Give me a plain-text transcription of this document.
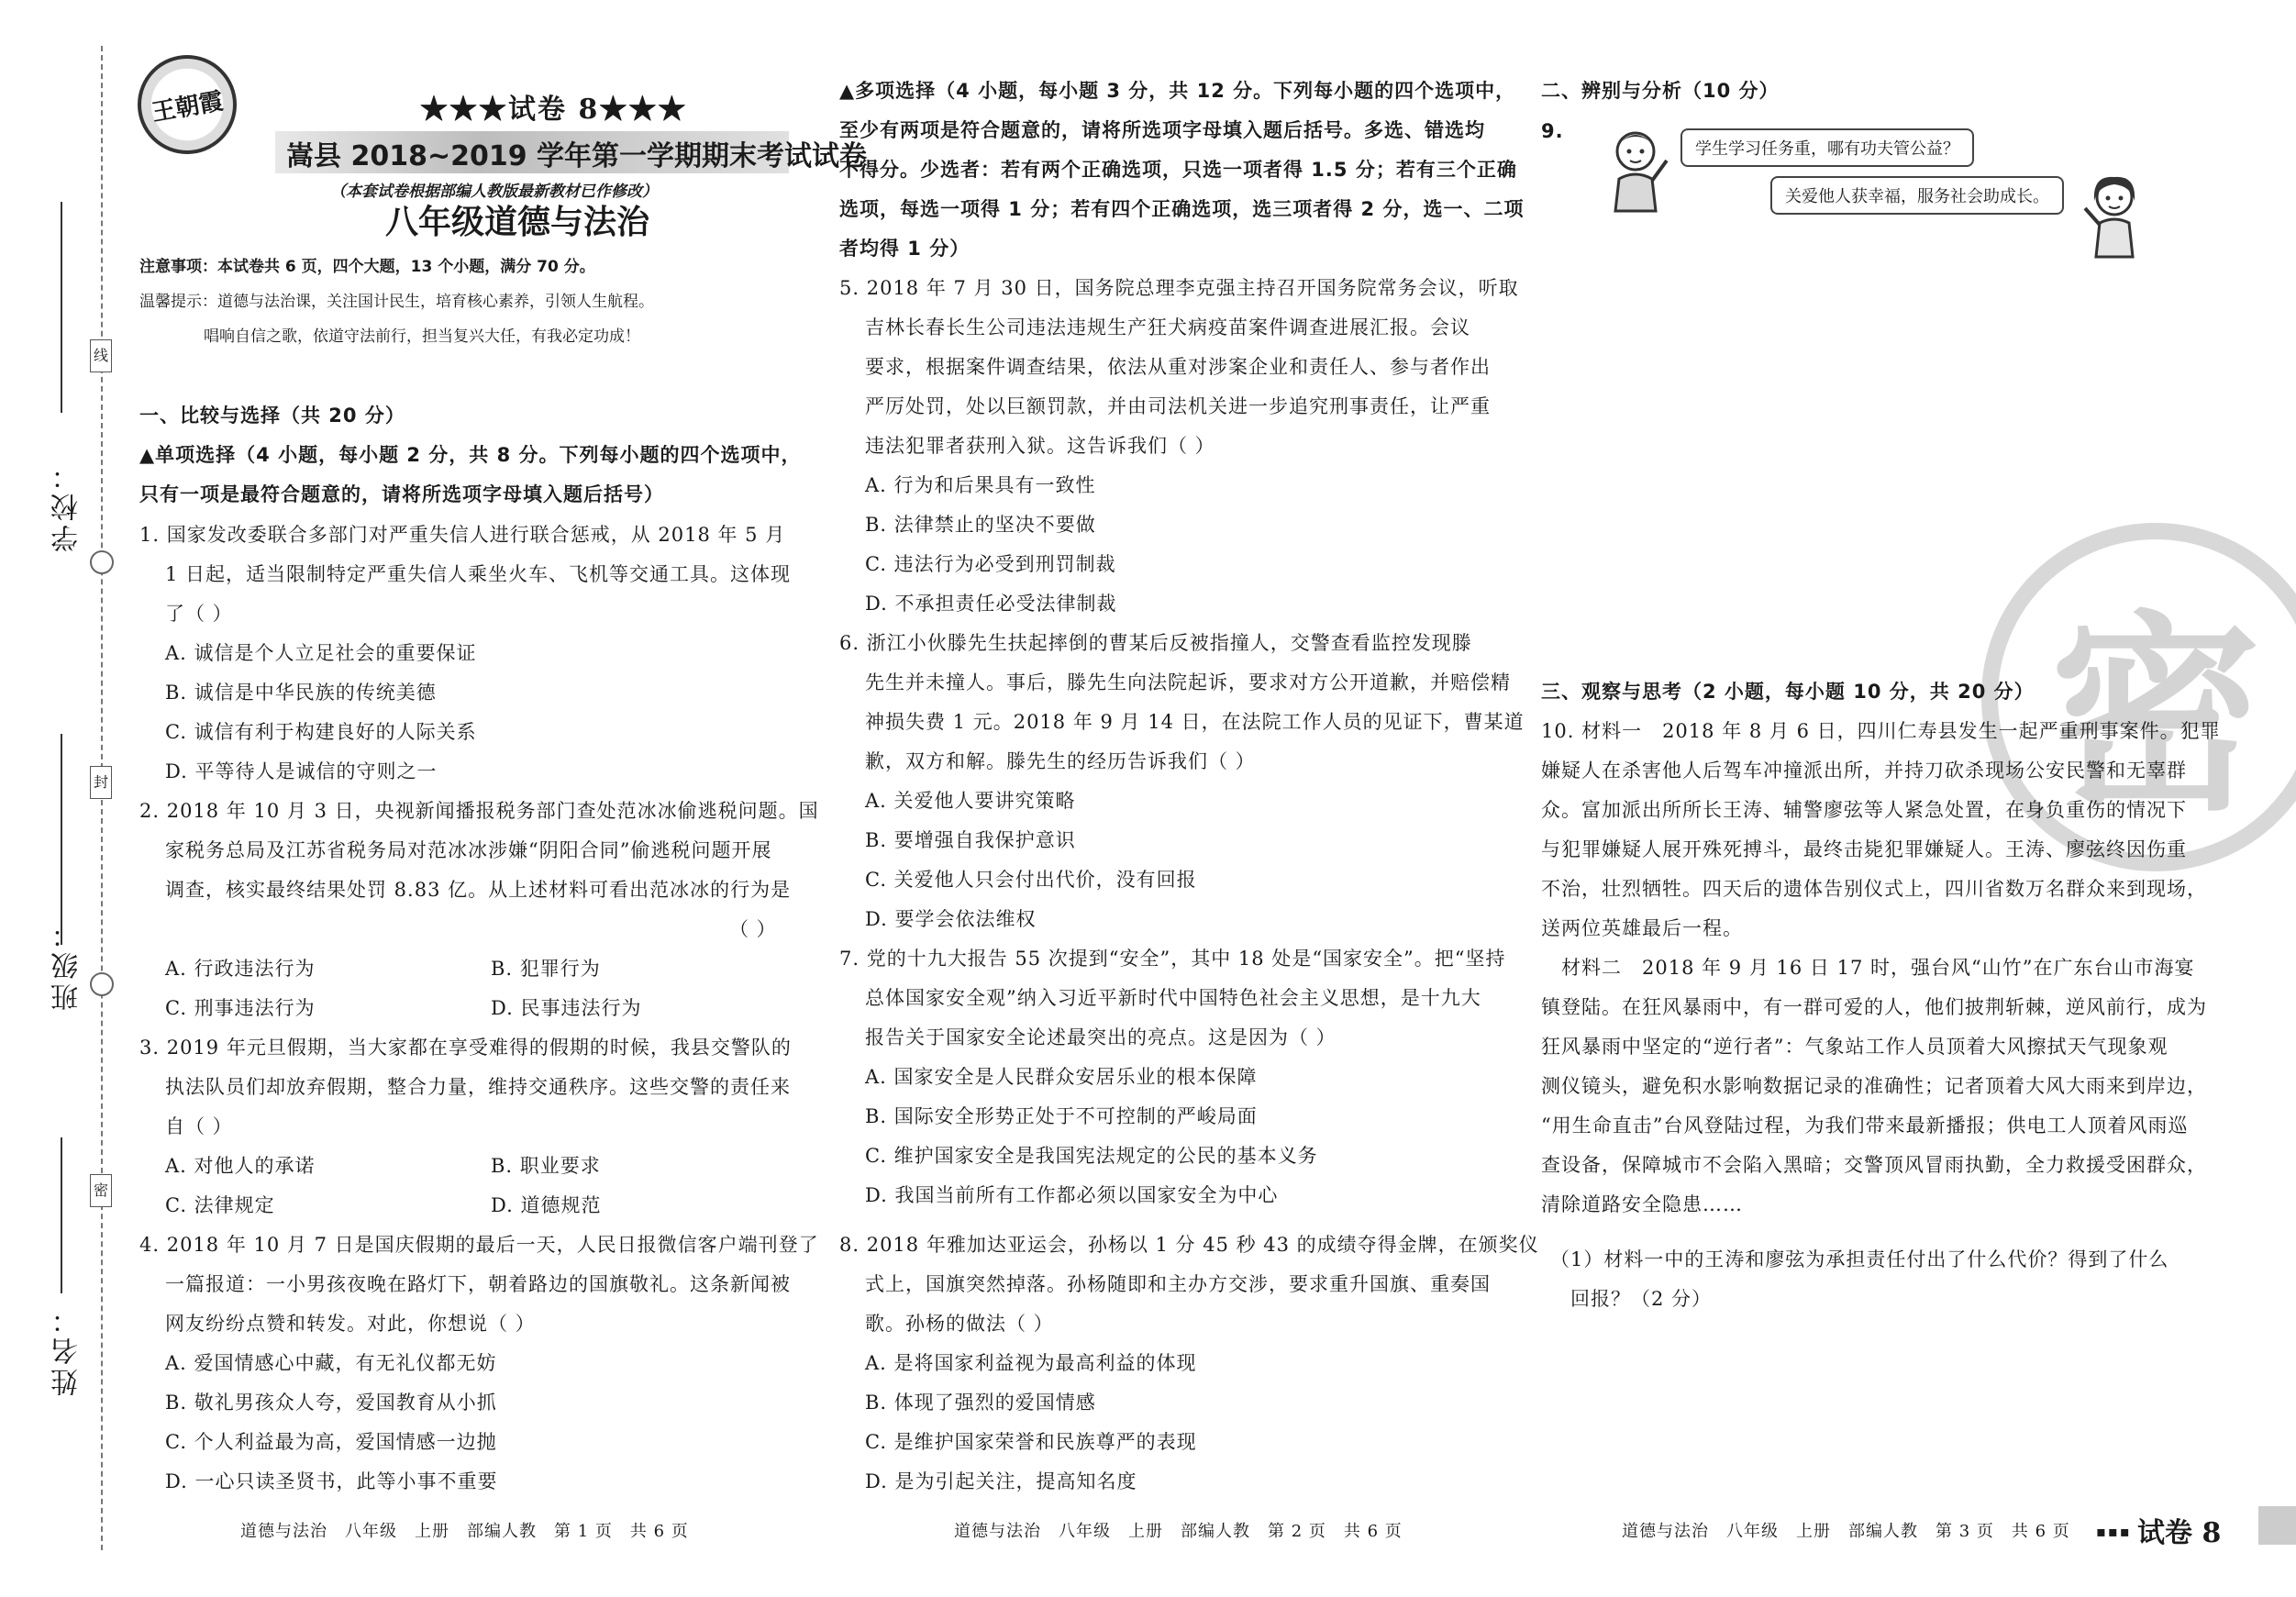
学校：
班级：
姓名：
线
封
密
王朝霞	★★★试卷 8★★★
嵩县 2018~2019 学年第一学期期末考试试卷
（本套试卷根据部编人教版最新教材已作修改）
八年级道德与法治
注意事项：本试卷共 6 页，四个大题，13 个小题，满分 70 分。
温馨提示：道德与法治课，关注国计民生，培育核心素养，引领人生航程。
唱响自信之歌，依道守法前行，担当复兴大任，有我必定功成！
一、比较与选择（共 20 分）
▲单项选择（4 小题，每小题 2 分，共 8 分。下列每小题的四个选项中，
只有一项是最符合题意的，请将所选项字母填入题后括号）
1. 国家发改委联合多部门对严重失信人进行联合惩戒，从 2018 年 5 月
1 日起，适当限制特定严重失信人乘坐火车、飞机等交通工具。这体现
了（ ）
A. 诚信是个人立足社会的重要保证
B. 诚信是中华民族的传统美德
C. 诚信有利于构建良好的人际关系
D. 平等待人是诚信的守则之一
2. 2018 年 10 月 3 日，央视新闻播报税务部门查处范冰冰偷逃税问题。国
家税务总局及江苏省税务局对范冰冰涉嫌“阴阳合同”偷逃税问题开展
调查，核实最终结果处罚 8.83 亿。从上述材料可看出范冰冰的行为是
（ ）
A. 行政违法行为	B. 犯罪行为
C. 刑事违法行为	D. 民事违法行为
3. 2019 年元旦假期，当大家都在享受难得的假期的时候，我县交警队的
执法队员们却放弃假期，整合力量，维持交通秩序。这些交警的责任来
自（ ）
A. 对他人的承诺	B. 职业要求
C. 法律规定	D. 道德规范
4. 2018 年 10 月 7 日是国庆假期的最后一天，人民日报微信客户端刊登了
一篇报道：一小男孩夜晚在路灯下，朝着路边的国旗敬礼。这条新闻被
网友纷纷点赞和转发。对此，你想说（ ）
A. 爱国情感心中藏，有无礼仪都无妨
B. 敬礼男孩众人夸，爱国教育从小抓
C. 个人利益最为高，爱国情感一边抛
D. 一心只读圣贤书，此等小事不重要
道德与法治　八年级　上册　部编人教　第 1 页　共 6 页
▲多项选择（4 小题，每小题 3 分，共 12 分。下列每小题的四个选项中，
至少有两项是符合题意的，请将所选项字母填入题后括号。多选、错选均
不得分。少选者：若有两个正确选项，只选一项者得 1.5 分；若有三个正确
选项，每选一项得 1 分；若有四个正确选项，选三项者得 2 分，选一、二项
者均得 1 分）
5. 2018 年 7 月 30 日，国务院总理李克强主持召开国务院常务会议，听取
吉林长春长生公司违法违规生产狂犬病疫苗案件调查进展汇报。会议
要求，根据案件调查结果，依法从重对涉案企业和责任人、参与者作出
严厉处罚，处以巨额罚款，并由司法机关进一步追究刑事责任，让严重
违法犯罪者获刑入狱。这告诉我们（ ）
A. 行为和后果具有一致性
B. 法律禁止的坚决不要做
C. 违法行为必受到刑罚制裁
D. 不承担责任必受法律制裁
6. 浙江小伙滕先生扶起摔倒的曹某后反被指撞人，交警查看监控发现滕
先生并未撞人。事后，滕先生向法院起诉，要求对方公开道歉，并赔偿精
神损失费 1 元。2018 年 9 月 14 日，在法院工作人员的见证下，曹某道
歉，双方和解。滕先生的经历告诉我们（ ）
A. 关爱他人要讲究策略
B. 要增强自我保护意识
C. 关爱他人只会付出代价，没有回报
D. 要学会依法维权
7. 党的十九大报告 55 次提到“安全”，其中 18 处是“国家安全”。把“坚持
总体国家安全观”纳入习近平新时代中国特色社会主义思想，是十九大
报告关于国家安全论述最突出的亮点。这是因为（ ）
A. 国家安全是人民群众安居乐业的根本保障
B. 国际安全形势正处于不可控制的严峻局面
C. 维护国家安全是我国宪法规定的公民的基本义务
D. 我国当前所有工作都必须以国家安全为中心
8. 2018 年雅加达亚运会，孙杨以 1 分 45 秒 43 的成绩夺得金牌，在颁奖仪
式上，国旗突然掉落。孙杨随即和主办方交涉，要求重升国旗、重奏国
歌。孙杨的做法（ ）
A. 是将国家利益视为最高利益的体现
B. 体现了强烈的爱国情感
C. 是维护国家荣誉和民族尊严的表现
D. 是为引起关注，提高知名度
道德与法治　八年级　上册　部编人教　第 2 页　共 6 页
密
二、辨别与分析（10 分）
9.
学生学习任务重，哪有功夫管公益？
关爱他人获幸福，服务社会助成长。
三、观察与思考（2 小题，每小题 10 分，共 20 分）
10. 材料一　2018 年 8 月 6 日，四川仁寿县发生一起严重刑事案件。犯罪
嫌疑人在杀害他人后驾车冲撞派出所，并持刀砍杀现场公安民警和无辜群
众。富加派出所所长王涛、辅警廖弦等人紧急处置，在身负重伤的情况下
与犯罪嫌疑人展开殊死搏斗，最终击毙犯罪嫌疑人。王涛、廖弦终因伤重
不治，壮烈牺牲。四天后的遗体告别仪式上，四川省数万名群众来到现场，
送两位英雄最后一程。
材料二　2018 年 9 月 16 日 17 时，强台风“山竹”在广东台山市海宴
镇登陆。在狂风暴雨中，有一群可爱的人，他们披荆斩棘，逆风前行，成为
狂风暴雨中坚定的“逆行者”：气象站工作人员顶着大风擦拭天气现象观
测仪镜头，避免积水影响数据记录的准确性；记者顶着大风大雨来到岸边，
“用生命直击”台风登陆过程，为我们带来最新播报；供电工人顶着风雨巡
查设备，保障城市不会陷入黑暗；交警顶风冒雨执勤，全力救援受困群众，
清除道路安全隐患……
（1）材料一中的王涛和廖弦为承担责任付出了什么代价？得到了什么
回报？（2 分）
道德与法治　八年级　上册　部编人教　第 3 页　共 6 页 ▪▪▪ 试卷 8
